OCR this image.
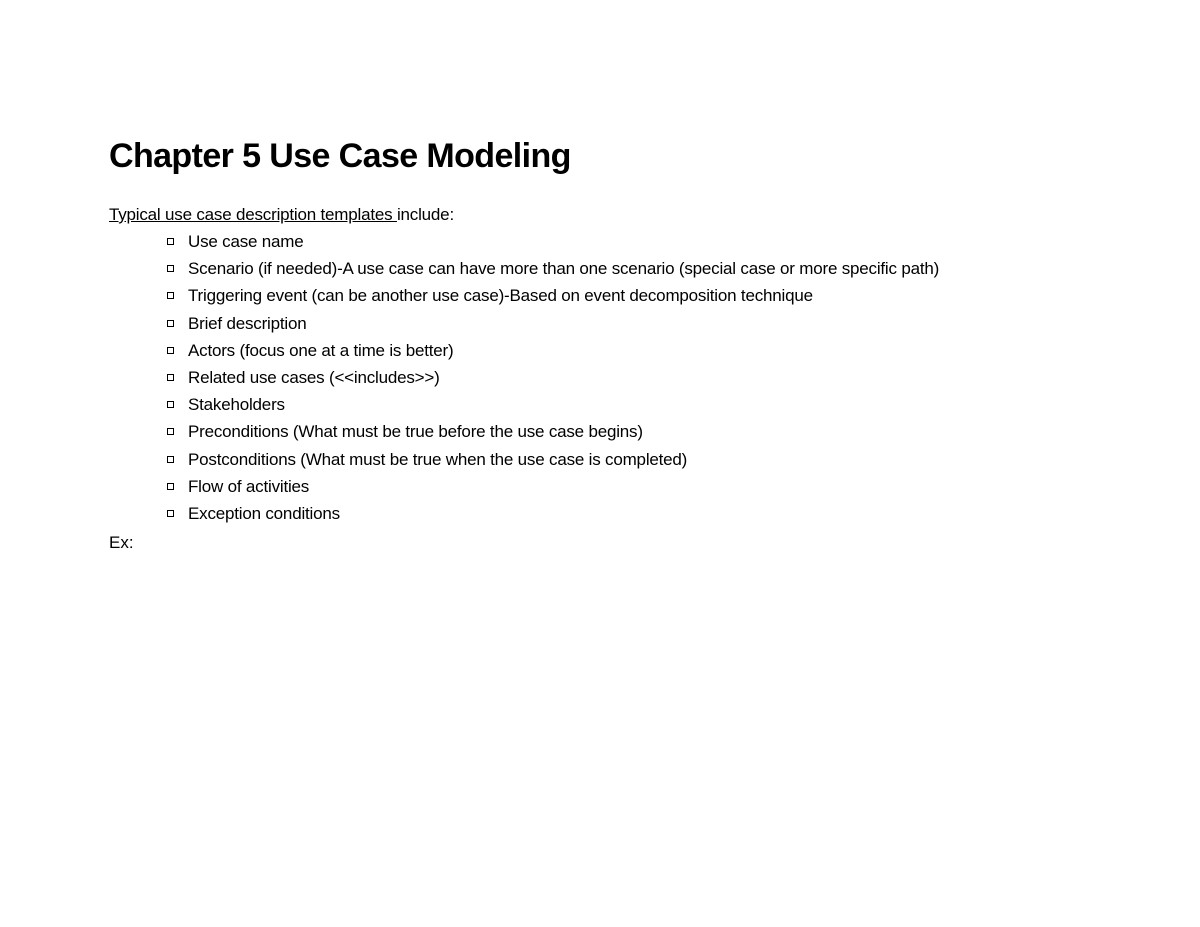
Chapter 5 Use Case Modeling

Typical use case description templates include:

Use case name
Scenario (if needed)-A use case can have more than one scenario (special case or more specific path)
Triggering event (can be another use case)-Based on event decomposition technique
Brief description
Actors (focus one at a time is better)
Related use cases (<<includes>>)
Stakeholders
Preconditions (What must be true before the use case begins)
Postconditions (What must be true when the use case is completed)
Flow of activities
Exception conditions

Ex:
